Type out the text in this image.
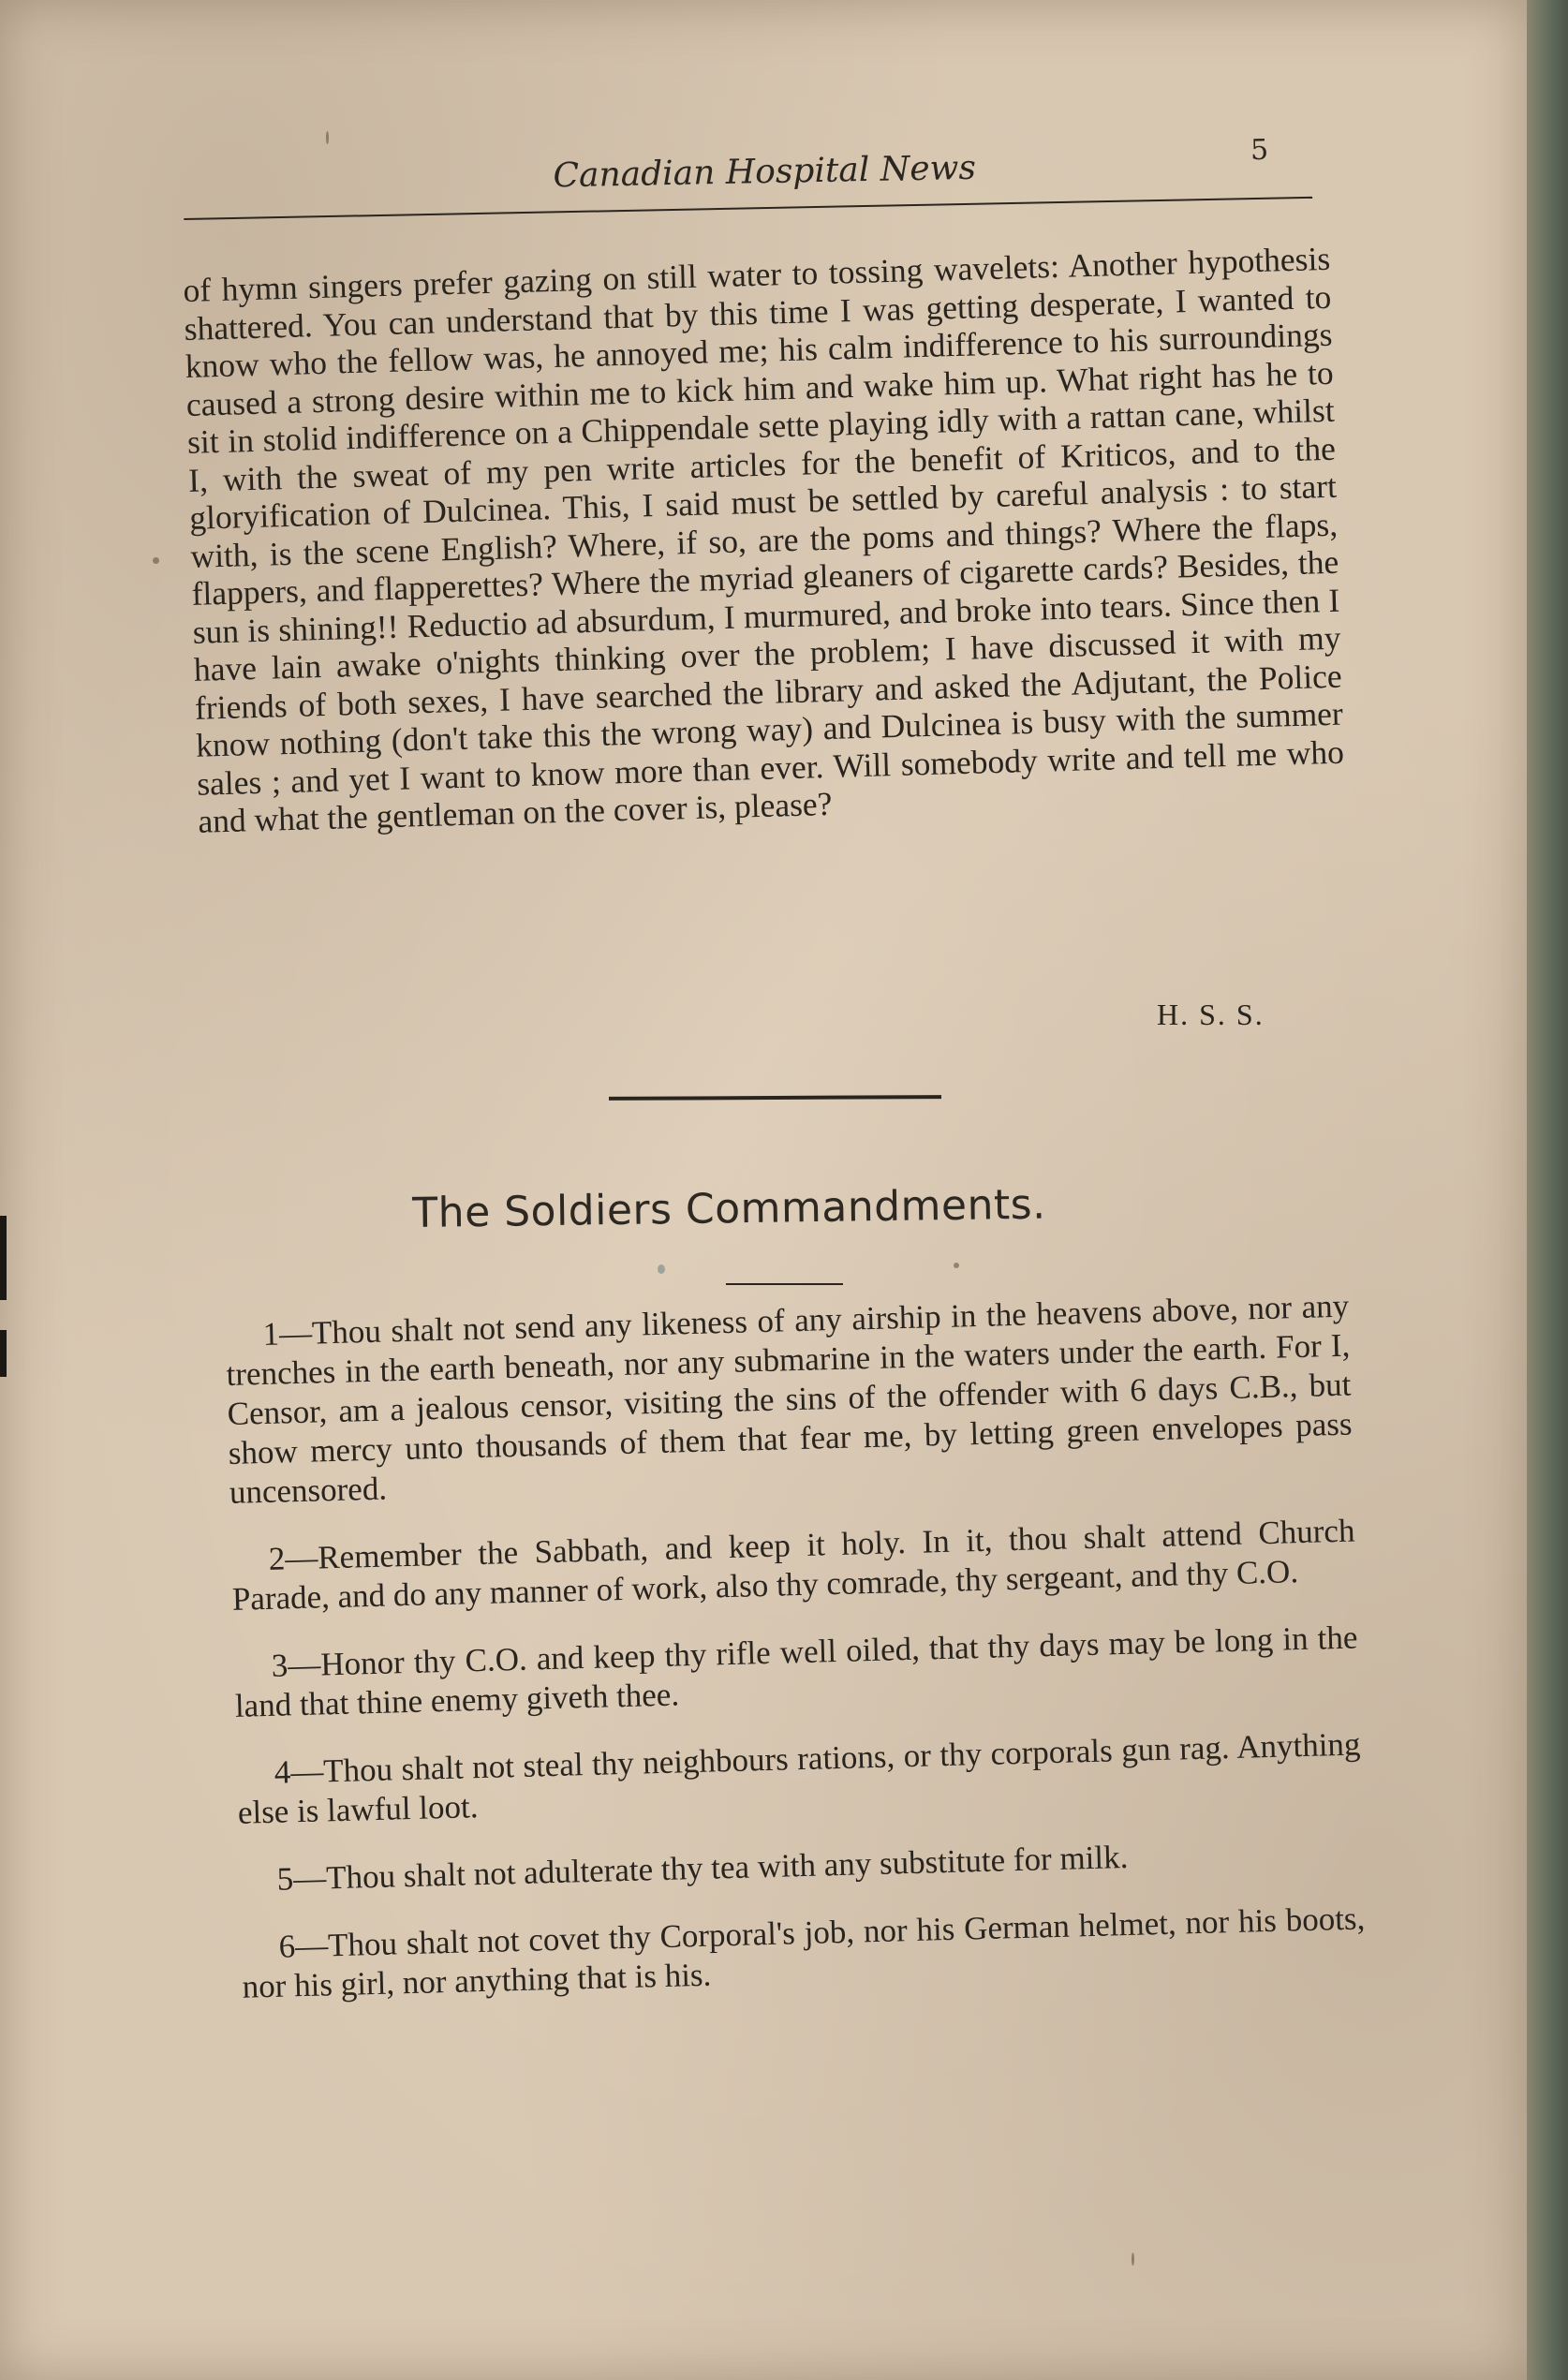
Canadian Hospital News	5

of hymn singers prefer gazing on still water to tossing wavelets: Another hypothesis shattered. You can understand that by this time I was getting desperate, I wanted to know who the fellow was, he annoyed me; his calm indifference to his surroundings caused a strong desire within me to kick him and wake him up. What right has he to sit in stolid indifference on a Chippendale sette playing idly with a rattan cane, whilst I, with the sweat of my pen write articles for the benefit of Kriticos, and to the gloryification of Dulcinea. This, I said must be settled by careful analysis : to start with, is the scene English? Where, if so, are the poms and things? Where the flaps, flappers, and flapperettes? Where the myriad gleaners of cigarette cards? Besides, the sun is shining!! Reductio ad absurdum, I murmured, and broke into tears. Since then I have lain awake o'nights thinking over the problem; I have discussed it with my friends of both sexes, I have searched the library and asked the Adjutant, the Police know nothing (don't take this the wrong way) and Dulcinea is busy with the summer sales ; and yet I want to know more than ever. Will somebody write and tell me who and what the gentleman on the cover is, please?

H. S. S.
The Soldiers Commandments.
1—Thou shalt not send any likeness of any airship in the heavens above, nor any trenches in the earth beneath, nor any submarine in the waters under the earth. For I, Censor, am a jealous censor, visiting the sins of the offender with 6 days C.B., but show mercy unto thousands of them that fear me, by letting green envelopes pass uncensored.
2—Remember the Sabbath, and keep it holy. In it, thou shalt attend Church Parade, and do any manner of work, also thy comrade, thy sergeant, and thy C.O.
3—Honor thy C.O. and keep thy rifle well oiled, that thy days may be long in the land that thine enemy giveth thee.
4—Thou shalt not steal thy neighbours rations, or thy corporals gun rag. Anything else is lawful loot.
5—Thou shalt not adulterate thy tea with any substitute for milk.
6—Thou shalt not covet thy Corporal's job, nor his German helmet, nor his boots, nor his girl, nor anything that is his.
